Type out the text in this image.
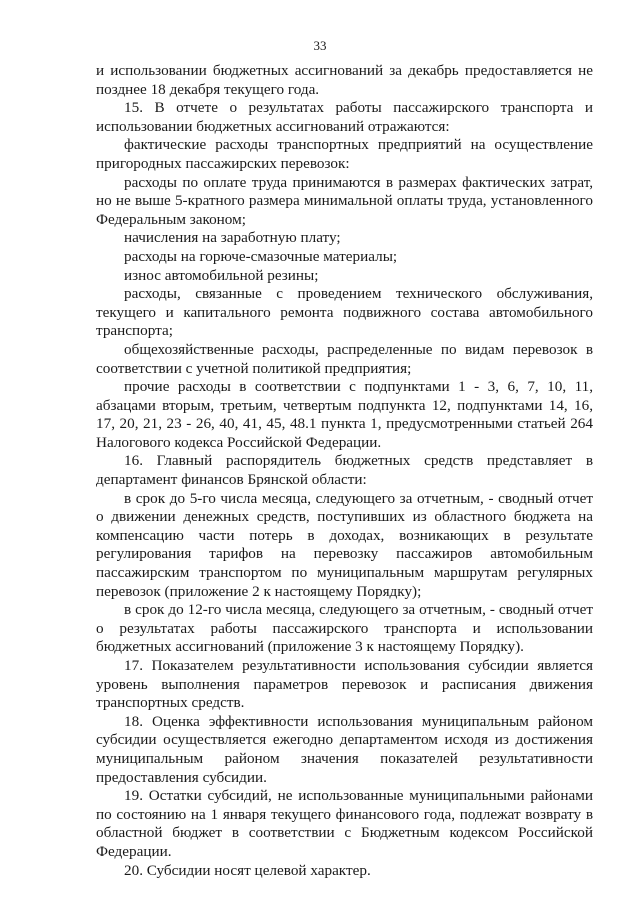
33

и использовании бюджетных ассигнований за декабрь предоставляется не позднее 18 декабря текущего года.

15. В отчете о результатах работы пассажирского транспорта и использовании бюджетных ассигнований отражаются:

фактические расходы транспортных предприятий на осуществление пригородных пассажирских перевозок:

расходы по оплате труда принимаются в размерах фактических затрат, но не выше 5-кратного размера минимальной оплаты труда, установленного Федеральным законом;

начисления на заработную плату;

расходы на горюче-смазочные материалы;

износ автомобильной резины;

расходы, связанные с проведением технического обслуживания, текущего и капитального ремонта подвижного состава автомобильного транспорта;

общехозяйственные расходы, распределенные по видам перевозок в соответствии с учетной политикой предприятия;

прочие расходы в соответствии с подпунктами 1 - 3, 6, 7, 10, 11, абзацами вторым, третьим, четвертым подпункта 12, подпунктами 14, 16, 17, 20, 21, 23 - 26, 40, 41, 45, 48.1 пункта 1, предусмотренными статьей 264 Налогового кодекса Российской Федерации.

16. Главный распорядитель бюджетных средств представляет в департамент финансов Брянской области:

в срок до 5-го числа месяца, следующего за отчетным, - сводный отчет о движении денежных средств, поступивших из областного бюджета на компенсацию части потерь в доходах, возникающих в результате регулирования тарифов на перевозку пассажиров автомобильным пассажирским транспортом по муниципальным маршрутам регулярных перевозок (приложение 2 к настоящему Порядку);

в срок до 12-го числа месяца, следующего за отчетным, - сводный отчет о результатах работы пассажирского транспорта и использовании бюджетных ассигнований (приложение 3 к настоящему Порядку).

17. Показателем результативности использования субсидии является уровень выполнения параметров перевозок и расписания движения транспортных средств.

18. Оценка эффективности использования муниципальным районом субсидии осуществляется ежегодно департаментом исходя из достижения муниципальным районом значения показателей результативности предоставления субсидии.

19. Остатки субсидий, не использованные муниципальными районами по состоянию на 1 января текущего финансового года, подлежат возврату в областной бюджет в соответствии с Бюджетным кодексом Российской Федерации.

20. Субсидии носят целевой характер.
